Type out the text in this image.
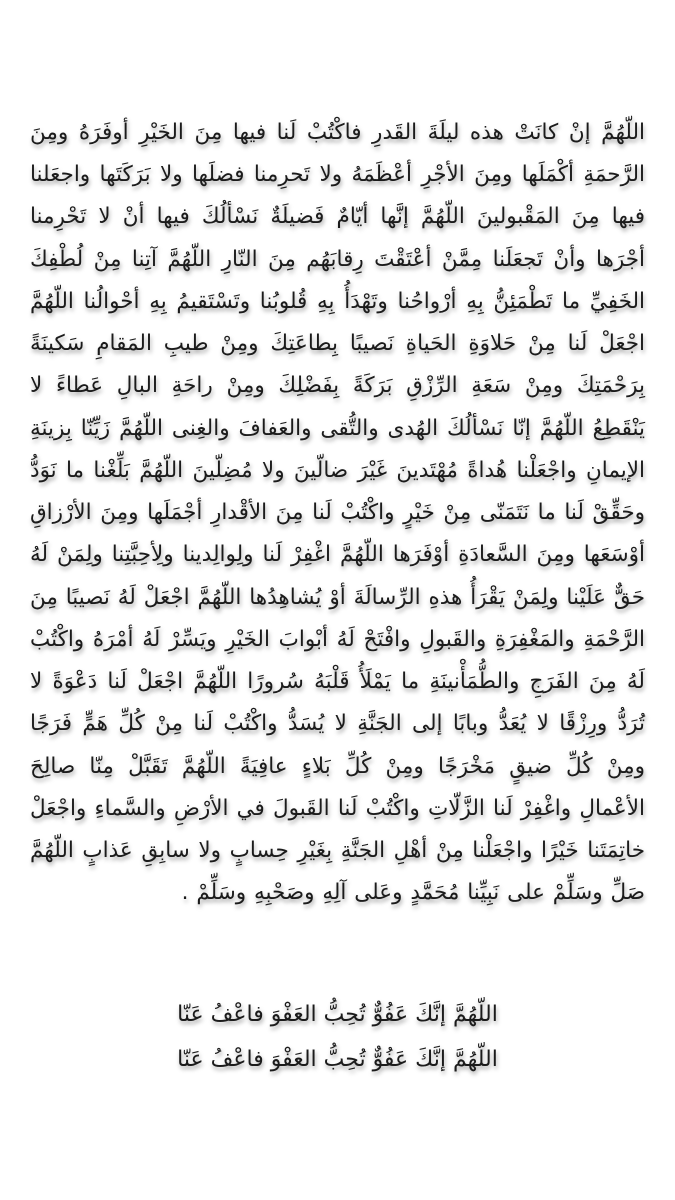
اللّهُمَّ إنْ كانَتْ هذه ليلَةَ القَدرِ فاكْتُبْ لَنا فيها مِنَ الخَيْرِ أوفَرَهُ ومِنَ الرَّحمَةِ أكْمَلَها ومِنَ الأجْرِ أعْظَمَهُ ولا تَحرِمنا فضلَها ولا بَرَكَتَها واجعَلنا فيها مِنَ المَقْبولينَ اللّهُمَّ إنَّها أيّامٌ فَضيلَةٌ نَسْألُكَ فيها أنْ لا تَحْرِمنا أجْرَها وأنْ تَجعَلَنا مِمَّنْ أعْتَقْتَ رِقابَهُم مِنَ النّارِ اللّهُمَّ آتِنا مِنْ لُطْفِكَ الخَفِيِّ ما تَطْمَئِنُّ بِهِ أرْواحُنا وتَهْدَأُ بِهِ قُلوبُنا وتَسْتَقيمُ بِهِ أحْوالُنا اللّهُمَّ اجْعَلْ لَنا مِنْ حَلاوَةِ الحَياةِ نَصيبًا بِطاعَتِكَ ومِنْ طيبِ المَقامِ سَكينَةً بِرَحْمَتِكَ ومِنْ سَعَةِ الرِّزْقِ بَرَكَةً بِفَضْلِكَ ومِنْ راحَةِ البالِ عَطاءً لا يَنْقَطِعُ اللّهُمَّ إنّا نَسْألُكَ الهُدى والتُّقى والعَفافَ والغِنى اللّهُمَّ زَيِّنّا بِزينَةِ الإيمانِ واجْعَلْنا هُداةً مُهْتَدينَ غَيْرَ ضالّينَ ولا مُضِلّينَ اللّهُمَّ بَلِّغْنا ما نَوَدُّ وحَقِّقْ لَنا ما نَتَمَنّى مِنْ خَيْرٍ واكْتُبْ لَنا مِنَ الأقْدارِ أجْمَلَها ومِنَ الأرْزاقِ أوْسَعَها ومِنَ السَّعادَةِ أوْفَرَها اللّهُمَّ اغْفِرْ لَنا ولِوالِدينا ولِأحِبَّتِنا ولِمَنْ لَهُ حَقٌّ عَلَيْنا ولِمَنْ يَقْرَأُ هذهِ الرِّسالَةَ أوْ يُشاهِدُها اللّهُمَّ اجْعَلْ لَهُ نَصيبًا مِنَ الرَّحْمَةِ والمَغْفِرَةِ والقَبولِ وافْتَحْ لَهُ أبْوابَ الخَيْرِ ويَسِّرْ لَهُ أمْرَهُ واكْتُبْ لَهُ مِنَ الفَرَجِ والطُّمَأْنينَةِ ما يَمْلَأُ قَلْبَهُ سُرورًا اللّهُمَّ اجْعَلْ لَنا دَعْوَةً لا تُرَدُّ ورِزْقًا لا يُعَدُّ وبابًا إلى الجَنَّةِ لا يُسَدُّ واكْتُبْ لَنا مِنْ كُلِّ هَمٍّ فَرَجًا ومِنْ كُلِّ ضيقٍ مَخْرَجًا ومِنْ كُلِّ بَلاءٍ عافِيَةً اللّهُمَّ تَقَبَّلْ مِنّا صالِحَ الأعْمالِ واغْفِرْ لَنا الزَّلّاتِ واكْتُبْ لَنا القَبولَ في الأرْضِ والسَّماءِ واجْعَلْ خاتِمَتَنا خَيْرًا واجْعَلْنا مِنْ أهْلِ الجَنَّةِ بِغَيْرِ حِسابٍ ولا سابِقِ عَذابٍ اللّهُمَّ صَلِّ وسَلِّمْ على نَبِيِّنا مُحَمَّدٍ وعَلى آلِهِ وصَحْبِهِ وسَلِّمْ .
اللّهُمَّ إنَّكَ عَفُوٌّ تُحِبُّ العَفْوَ فاعْفُ عَنّا
اللّهُمَّ إنَّكَ عَفُوٌّ تُحِبُّ العَفْوَ فاعْفُ عَنّا
